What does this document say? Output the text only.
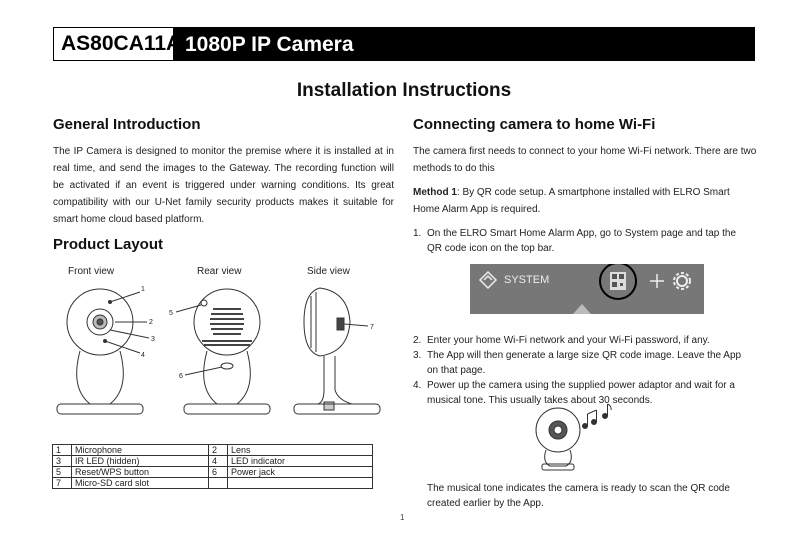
AS80CA11A 1080P IP Camera
Installation Instructions
General Introduction

The IP Camera is designed to monitor the premise where it is installed at in real time, and send the images to the Gateway. The recording function will be activated if an event is triggered under warning conditions. Its great compatibility with our U-Net family security products makes it suitable for smart home cloud based platform.

Product Layout
Front view	Rear view	Side view
1
2
3
4
5
6
7
1	Microphone	2	Lens
3	IR LED (hidden)	4	LED indicator
5	Reset/WPS button	6	Power jack
7	Micro-SD card slot		
Connecting camera to home Wi-Fi

The camera first needs to connect to your home Wi-Fi network. There are two methods to do this

Method 1: By QR code setup. A smartphone installed with ELRO Smart Home Alarm App is required.

1. On the ELRO Smart Home Alarm App, go to System page and tap the QR code icon on the top bar.
SYSTEM
2. Enter your home Wi-Fi network and your Wi-Fi password, if any.
3. The App will then generate a large size QR code image. Leave the App on that page.
4. Power up the camera using the supplied power adaptor and wait for a musical tone. This usually takes about 30 seconds.

The musical tone indicates the camera is ready to scan the QR code created earlier by the App.

1
